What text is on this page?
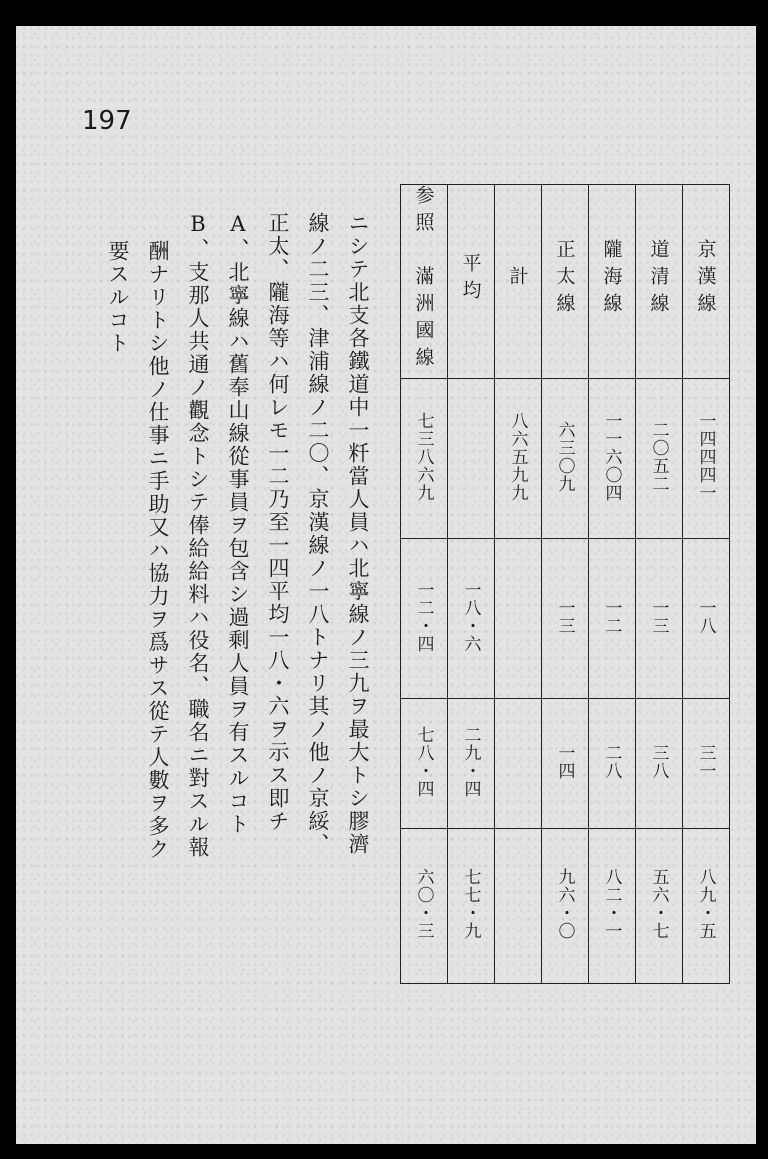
197
参照　滿洲國線	平均	計	正太線	隴海線	道清線	京漢線
七三八六九		八六五九九	六三〇九	一一六〇四	二〇五二	一四四四一
一二・四	一八・六		一三	一二	一三	一八
七八・四	二九・四		一四	二八	三八	三一
六〇・三	七七・九		九六・〇	八二・一	五六・七	八九・五
ニシテ北支各鐵道中一粁當人員ハ北寧線ノ三九ヲ最大トシ膠濟
線ノ二三、津浦線ノ二〇、京漢線ノ一八トナリ其ノ他ノ京綏、
正太、隴海等ハ何レモ一二乃至一四平均一八・六ヲ示ス即チ
A、北寧線ハ舊奉山線從事員ヲ包含シ過剩人員ヲ有スルコト
B、支那人共通ノ觀念トシテ俸給給料ハ役名、職名ニ對スル報
酬ナリトシ他ノ仕事ニ手助又ハ協力ヲ爲サス從テ人數ヲ多ク
要スルコト
